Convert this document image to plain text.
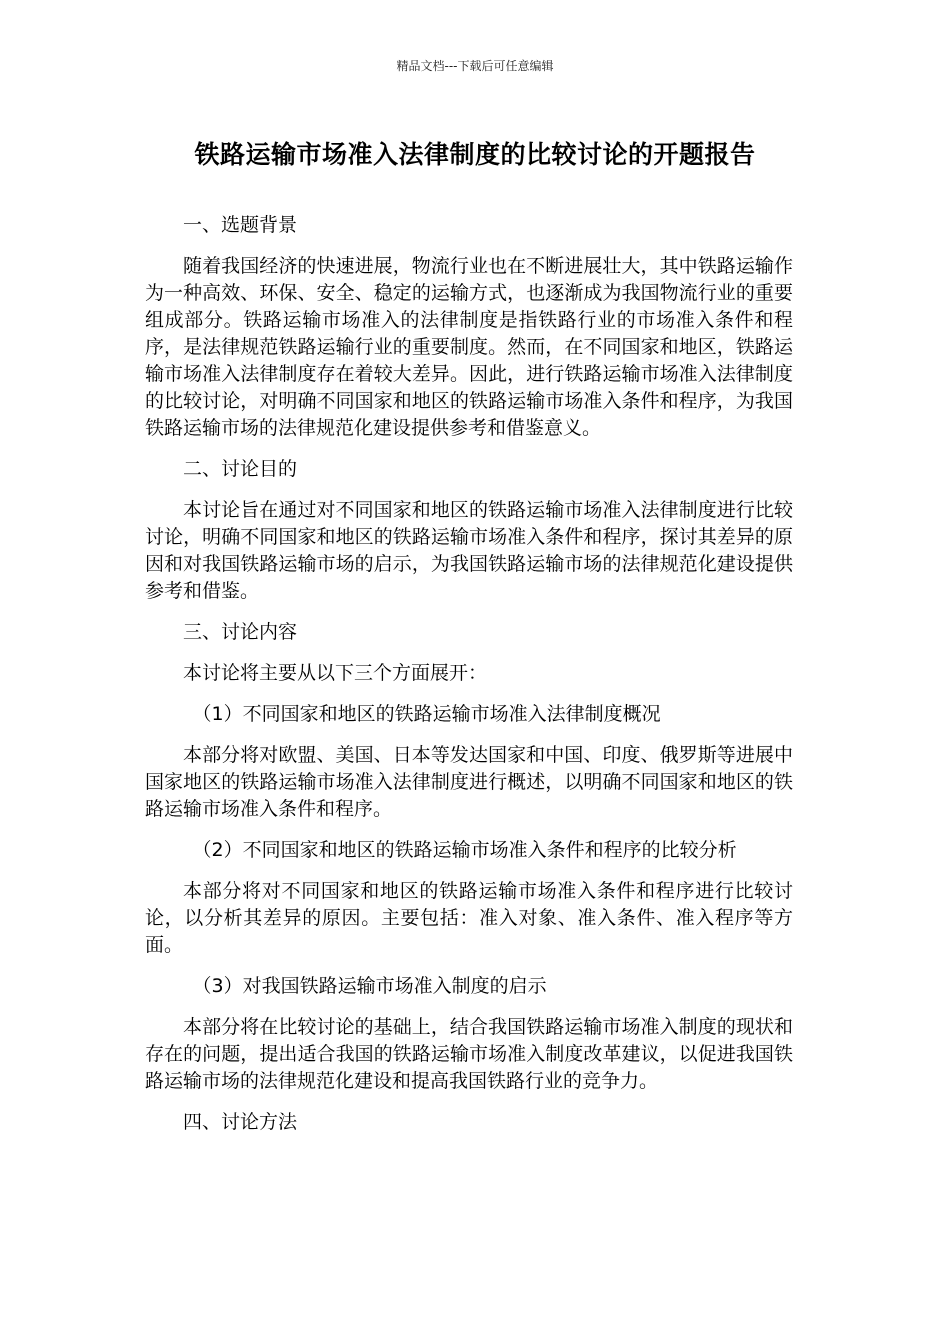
精品文档---下载后可任意编辑
铁路运输市场准入法律制度的比较讨论的开题报告
一、选题背景

随着我国经济的快速进展，物流行业也在不断进展壮大，其中铁路运输作为一种高效、环保、安全、稳定的运输方式，也逐渐成为我国物流行业的重要组成部分。铁路运输市场准入的法律制度是指铁路行业的市场准入条件和程序，是法律规范铁路运输行业的重要制度。然而，在不同国家和地区，铁路运输市场准入法律制度存在着较大差异。因此，进行铁路运输市场准入法律制度的比较讨论，对明确不同国家和地区的铁路运输市场准入条件和程序，为我国铁路运输市场的法律规范化建设提供参考和借鉴意义。

二、讨论目的

本讨论旨在通过对不同国家和地区的铁路运输市场准入法律制度进行比较讨论，明确不同国家和地区的铁路运输市场准入条件和程序，探讨其差异的原因和对我国铁路运输市场的启示，为我国铁路运输市场的法律规范化建设提供参考和借鉴。

三、讨论内容

本讨论将主要从以下三个方面展开：

（1）不同国家和地区的铁路运输市场准入法律制度概况

本部分将对欧盟、美国、日本等发达国家和中国、印度、俄罗斯等进展中国家地区的铁路运输市场准入法律制度进行概述，以明确不同国家和地区的铁路运输市场准入条件和程序。

（2）不同国家和地区的铁路运输市场准入条件和程序的比较分析

本部分将对不同国家和地区的铁路运输市场准入条件和程序进行比较讨论，以分析其差异的原因。主要包括：准入对象、准入条件、准入程序等方面。

（3）对我国铁路运输市场准入制度的启示

本部分将在比较讨论的基础上，结合我国铁路运输市场准入制度的现状和存在的问题，提出适合我国的铁路运输市场准入制度改革建议，以促进我国铁路运输市场的法律规范化建设和提高我国铁路行业的竞争力。

四、讨论方法
